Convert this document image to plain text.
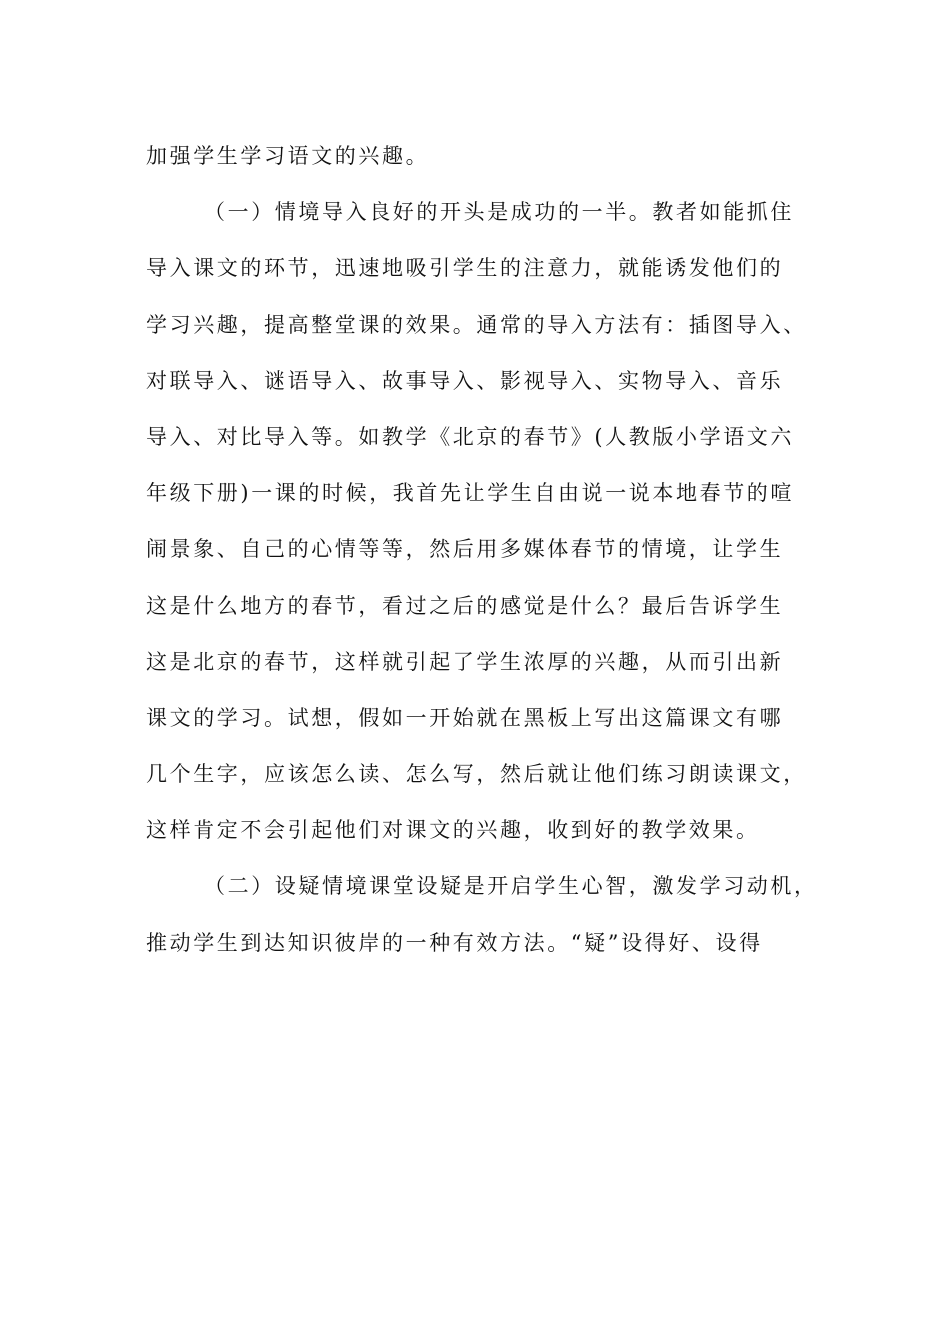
加强学生学习语文的兴趣。
（一）情境导入良好的开头是成功的一半。教者如能抓住
导入课文的环节，迅速地吸引学生的注意力，就能诱发他们的
学习兴趣，提高整堂课的效果。通常的导入方法有：插图导入、
对联导入、谜语导入、故事导入、影视导入、实物导入、音乐
导入、对比导入等。如教学《北京的春节》(人教版小学语文六
年级下册)一课的时候，我首先让学生自由说一说本地春节的喧
闹景象、自己的心情等等，然后用多媒体春节的情境，让学生
这是什么地方的春节，看过之后的感觉是什么？最后告诉学生
这是北京的春节，这样就引起了学生浓厚的兴趣，从而引出新
课文的学习。试想，假如一开始就在黑板上写出这篇课文有哪
几个生字，应该怎么读、怎么写，然后就让他们练习朗读课文，
这样肯定不会引起他们对课文的兴趣，收到好的教学效果。
（二）设疑情境课堂设疑是开启学生心智，激发学习动机，
推动学生到达知识彼岸的一种有效方法。“疑”设得好、设得
